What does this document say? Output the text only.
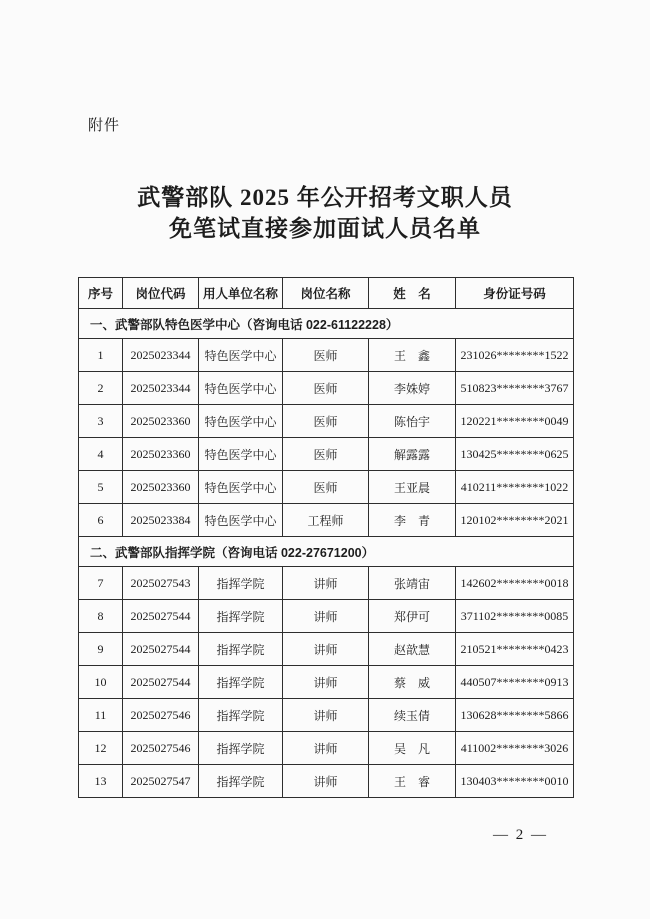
附件
武警部队 2025 年公开招考文职人员
免笔试直接参加面试人员名单
序号	岗位代码	用人单位名称	岗位名称	姓　名	身份证号码
一、武警部队特色医学中心（咨询电话 022-61122228）					
1	2025023344	特色医学中心	医师	王　鑫	231026********1522
2	2025023344	特色医学中心	医师	李姝婷	510823********3767
3	2025023360	特色医学中心	医师	陈怡宇	120221********0049
4	2025023360	特色医学中心	医师	解露露	130425********0625
5	2025023360	特色医学中心	医师	王亚晨	410211********1022
6	2025023384	特色医学中心	工程师	李　青	120102********2021
二、武警部队指挥学院（咨询电话 022-27671200）					
7	2025027543	指挥学院	讲师	张靖宙	142602********0018
8	2025027544	指挥学院	讲师	郑伊可	371102********0085
9	2025027544	指挥学院	讲师	赵歆慧	210521********0423
10	2025027544	指挥学院	讲师	蔡　威	440507********0913
11	2025027546	指挥学院	讲师	续玉倩	130628********5866
12	2025027546	指挥学院	讲师	吴　凡	411002********3026
13	2025027547	指挥学院	讲师	王　睿	130403********0010
— 2 —
